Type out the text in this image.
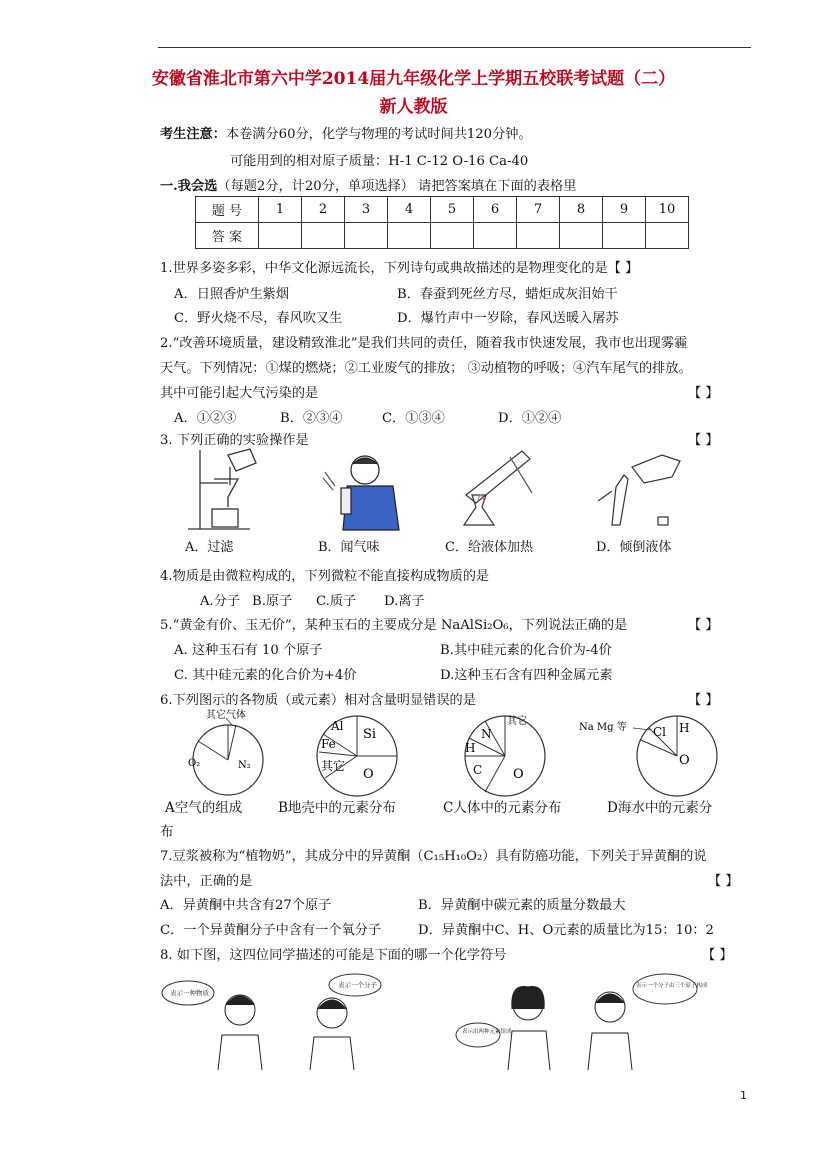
安徽省淮北市第六中学2014届九年级化学上学期五校联考试题（二）
新人教版
考生注意：本卷满分60分，化学与物理的考试时间共120分钟。
可能用到的相对原子质量：H-1 C-12 O-16 Ca-40
一.我会选（每题2分，计20分，单项选择） 请把答案填在下面的表格里
题 号	1	2	3	4	5	6	7	8	9	10
答 案										
1.世界多姿多彩，中华文化源远流长，下列诗句或典故描述的是物理变化的是【 】
A．日照香炉生紫烟	B．春蚕到死丝方尽，蜡炬成灰泪始干
C．野火烧不尽，春风吹又生	D．爆竹声中一岁除，春风送暖入屠苏
2.“改善环境质量，建设精致淮北”是我们共同的责任，随着我市快速发展，我市也出现雾霾
天气。下列情况：①煤的燃烧；②工业废气的排放； ③动植物的呼吸；④汽车尾气的排放。
其中可能引起大气污染的是	【 】
A．①②③	B．②③④	C．①③④	D．①②④
3. 下列正确的实验操作是	【 】
A．过滤	B．闻气味	C．给液体加热	D．倾倒液体
4.物质是由微粒构成的，下列微粒不能直接构成物质的是
A.分子 B.原子 C.质子 D.离子
5.“黄金有价、玉无价”，某种玉石的主要成分是 NaAlSi₂O₆，下列说法正确的是	【 】
A. 这种玉石有 10 个原子	B.其中硅元素的化合价为-4价
C. 其中硅元素的化合价为+4价	D.这种玉石含有四种金属元素
6.下列图示的各物质（或元素）相对含量明显错误的是	【 】
其它气体
O₂	N₂
Al
Fe
Si
其它
O
N
其它
H
C O
Na Mg 等 Cl H
O
A空气的组成	B地壳中的元素分布	C人体中的元素分布	D海水中的元素分
布
7.豆浆被称为“植物奶”，其成分中的异黄酮（C₁₅H₁₀O₂）具有防癌功能，下列关于异黄酮的说
法中，正确的是	【 】
A．异黄酮中共含有27个原子	B．异黄酮中碳元素的质量分数最大
C．一个异黄酮分子中含有一个氧分子	D．异黄酮中C、H、O元素的质量比为15：10：2
8. 如下图，这四位同学描述的可能是下面的哪一个化学符号	【 】
表示一种物质
表示一个分子
表示由两种元素组成
表示一个分子由三个原子构成
1
